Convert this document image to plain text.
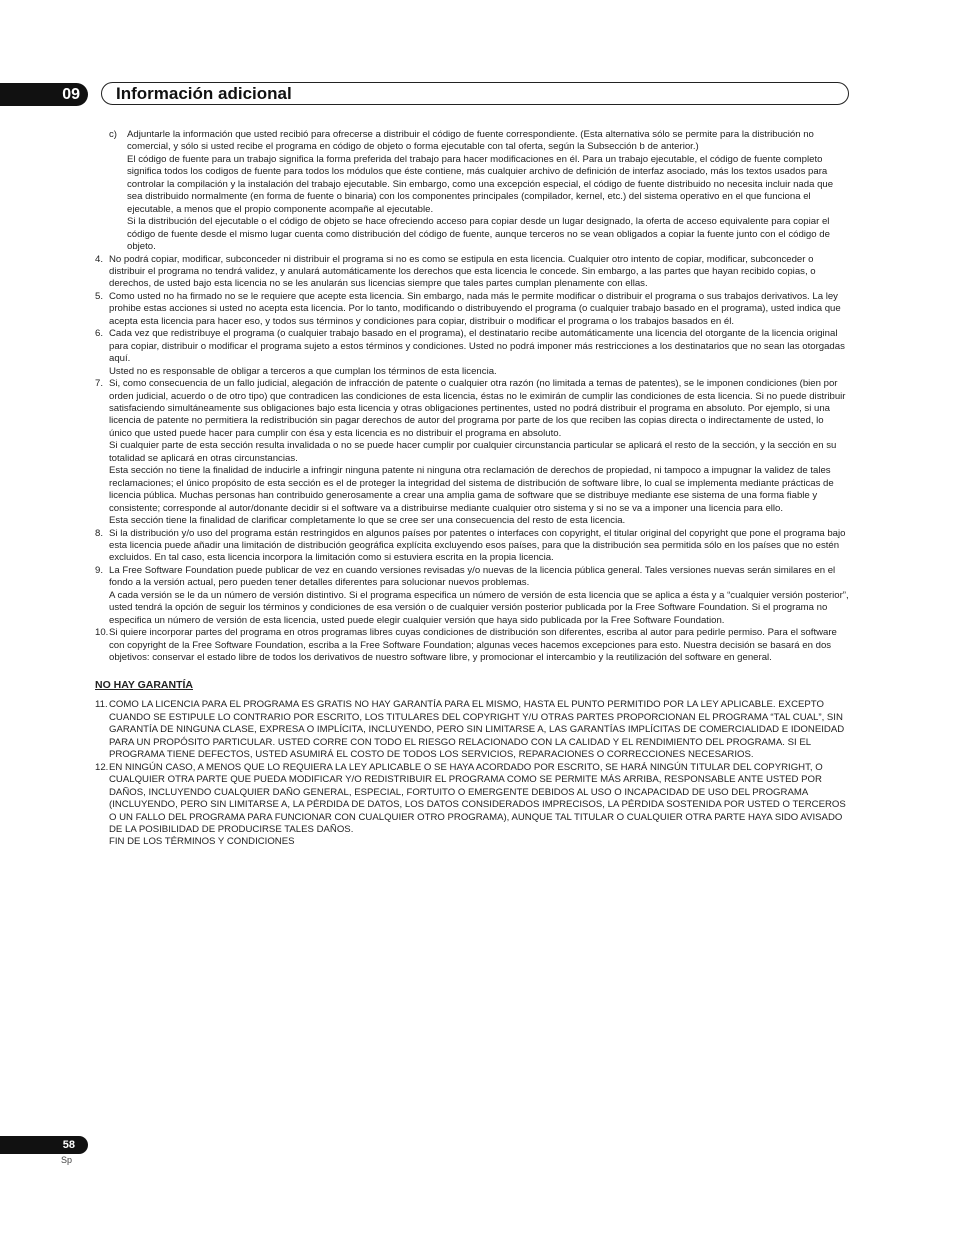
09	Información adicional
c) Adjuntarle la información que usted recibió para ofrecerse a distribuir el código de fuente correspondiente. (Esta alternativa sólo se permite para la distribución no comercial, y sólo si usted recibe el programa en código de objeto o forma ejecutable con tal oferta, según la Subsección b de anterior.)

El código de fuente para un trabajo significa la forma preferida del trabajo para hacer modificaciones en él. Para un trabajo ejecutable, el código de fuente completo significa todos los codigos de fuente para todos los módulos que éste contiene, más cualquier archivo de definición de interfaz asociado, más los textos usados para controlar la compilación y la instalación del trabajo ejecutable. Sin embargo, como una excepción especial, el código de fuente distribuido no necesita incluir nada que sea distribuido normalmente (en forma de fuente o binaria) con los componentes principales (compilador, kernel, etc.) del sistema operativo en el que funciona el ejecutable, a menos que el propio componente acompañe al ejecutable.

Si la distribución del ejecutable o el código de objeto se hace ofreciendo acceso para copiar desde un lugar designado, la oferta de acceso equivalente para copiar el código de fuente desde el mismo lugar cuenta como distribución del código de fuente, aunque terceros no se vean obligados a copiar la fuente junto con el código de objeto.

4. No podrá copiar, modificar, subconceder ni distribuir el programa si no es como se estipula en esta licencia. Cualquier otro intento de copiar, modificar, subconceder o distribuir el programa no tendrá validez, y anulará automáticamente los derechos que esta licencia le concede. Sin embargo, a las partes que hayan recibido copias, o derechos, de usted bajo esta licencia no se les anularán sus licencias siempre que tales partes cumplan plenamente con ellas.

5. Como usted no ha firmado no se le requiere que acepte esta licencia. Sin embargo, nada más le permite modificar o distribuir el programa o sus trabajos derivativos. La ley prohibe estas acciones si usted no acepta esta licencia. Por lo tanto, modificando o distribuyendo el programa (o cualquier trabajo basado en el programa), usted indica que acepta esta licencia para hacer eso, y todos sus términos y condiciones para copiar, distribuir o modificar el programa o los trabajos basados en él.

6. Cada vez que redistribuye el programa (o cualquier trabajo basado en el programa), el destinatario recibe automáticamente una licencia del otorgante de la licencia original para copiar, distribuir o modificar el programa sujeto a estos términos y condiciones. Usted no podrá imponer más restricciones a los destinatarios que no sean las otorgadas aquí.

Usted no es responsable de obligar a terceros a que cumplan los términos de esta licencia.

7. Si, como consecuencia de un fallo judicial, alegación de infracción de patente o cualquier otra razón (no limitada a temas de patentes), se le imponen condiciones (bien por orden judicial, acuerdo o de otro tipo) que contradicen las condiciones de esta licencia, éstas no le eximirán de cumplir las condiciones de esta licencia. Si no puede distribuir satisfaciendo simultáneamente sus obligaciones bajo esta licencia y otras obligaciones pertinentes, usted no podrá distribuir el programa en absoluto. Por ejemplo, si una licencia de patente no permitiera la redistribución sin pagar derechos de autor del programa por parte de los que reciben las copias directa o indirectamente de usted, lo único que usted puede hacer para cumplir con ésa y esta licencia es no distribuir el programa en absoluto.

Si cualquier parte de esta sección resulta invalidada o no se puede hacer cumplir por cualquier circunstancia particular se aplicará el resto de la sección, y la sección en su totalidad se aplicará en otras circunstancias.

Esta sección no tiene la finalidad de inducirle a infringir ninguna patente ni ninguna otra reclamación de derechos de propiedad, ni tampoco a impugnar la validez de tales reclamaciones; el único propósito de esta sección es el de proteger la integridad del sistema de distribución de software libre, lo cual se implementa mediante prácticas de licencia pública. Muchas personas han contribuido generosamente a crear una amplia gama de software que se distribuye mediante ese sistema de una forma fiable y consistente; corresponde al autor/donante decidir si el software va a distribuirse mediante cualquier otro sistema y si no se va a imponer una licencia para ello.

Esta sección tiene la finalidad de clarificar completamente lo que se cree ser una consecuencia del resto de esta licencia.

8. Si la distribución y/o uso del programa están restringidos en algunos países por patentes o interfaces con copyright, el titular original del copyright que pone el programa bajo esta licencia puede añadir una limitación de distribución geográfica explícita excluyendo esos países, para que la distribución sea permitida sólo en los países que no estén excluidos. En tal caso, esta licencia incorpora la limitación como si estuviera escrita en la propia licencia.

9. La Free Software Foundation puede publicar de vez en cuando versiones revisadas y/o nuevas de la licencia pública general. Tales versiones nuevas serán similares en el fondo a la versión actual, pero pueden tener detalles diferentes para solucionar nuevos problemas.

A cada versión se le da un número de versión distintivo. Si el programa especifica un número de versión de esta licencia que se aplica a ésta y a “cualquier versión posterior”, usted tendrá la opción de seguir los términos y condiciones de esa versión o de cualquier versión posterior publicada por la Free Software Foundation. Si el programa no especifica un número de versión de esta licencia, usted puede elegir cualquier versión que haya sido publicada por la Free Software Foundation.

10. Si quiere incorporar partes del programa en otros programas libres cuyas condiciones de distribución son diferentes, escriba al autor para pedirle permiso. Para el software con copyright de la Free Software Foundation, escriba a la Free Software Foundation; algunas veces hacemos excepciones para esto. Nuestra decisión se basará en dos objetivos: conservar el estado libre de todos los derivativos de nuestro software libre, y promocionar el intercambio y la reutilización del software en general.

NO HAY GARANTÍA
11. COMO LA LICENCIA PARA EL PROGRAMA ES GRATIS NO HAY GARANTÍA PARA EL MISMO, HASTA EL PUNTO PERMITIDO POR LA LEY APLICABLE. EXCEPTO CUANDO SE ESTIPULE LO CONTRARIO POR ESCRITO, LOS TITULARES DEL COPYRIGHT Y/U OTRAS PARTES PROPORCIONAN EL PROGRAMA “TAL CUAL”, SIN GARANTÍA DE NINGUNA CLASE, EXPRESA O IMPLÍCITA, INCLUYENDO, PERO SIN LIMITARSE A, LAS GARANTÍAS IMPLÍCITAS DE COMERCIALIDAD E IDONEIDAD PARA UN PROPÓSITO PARTICULAR. USTED CORRE CON TODO EL RIESGO RELACIONADO CON LA CALIDAD Y EL RENDIMIENTO DEL PROGRAMA. SI EL PROGRAMA TIENE DEFECTOS, USTED ASUMIRÁ EL COSTO DE TODOS LOS SERVICIOS, REPARACIONES O CORRECCIONES NECESARIOS.

12. EN NINGÚN CASO, A MENOS QUE LO REQUIERA LA LEY APLICABLE O SE HAYA ACORDADO POR ESCRITO, SE HARÁ NINGÚN TITULAR DEL COPYRIGHT, O CUALQUIER OTRA PARTE QUE PUEDA MODIFICAR Y/O REDISTRIBUIR EL PROGRAMA COMO SE PERMITE MÁS ARRIBA, RESPONSABLE ANTE USTED POR DAÑOS, INCLUYENDO CUALQUIER DAÑO GENERAL, ESPECIAL, FORTUITO O EMERGENTE DEBIDOS AL USO O INCAPACIDAD DE USO DEL PROGRAMA (INCLUYENDO, PERO SIN LIMITARSE A, LA PÉRDIDA DE DATOS, LOS DATOS CONSIDERADOS IMPRECISOS, LA PÉRDIDA SOSTENIDA POR USTED O TERCEROS O UN FALLO DEL PROGRAMA PARA FUNCIONAR CON CUALQUIER OTRO PROGRAMA), AUNQUE TAL TITULAR O CUALQUIER OTRA PARTE HAYA SIDO AVISADO DE LA POSIBILIDAD DE PRODUCIRSE TALES DAÑOS.

FIN DE LOS TÉRMINOS Y CONDICIONES

58
Sp
